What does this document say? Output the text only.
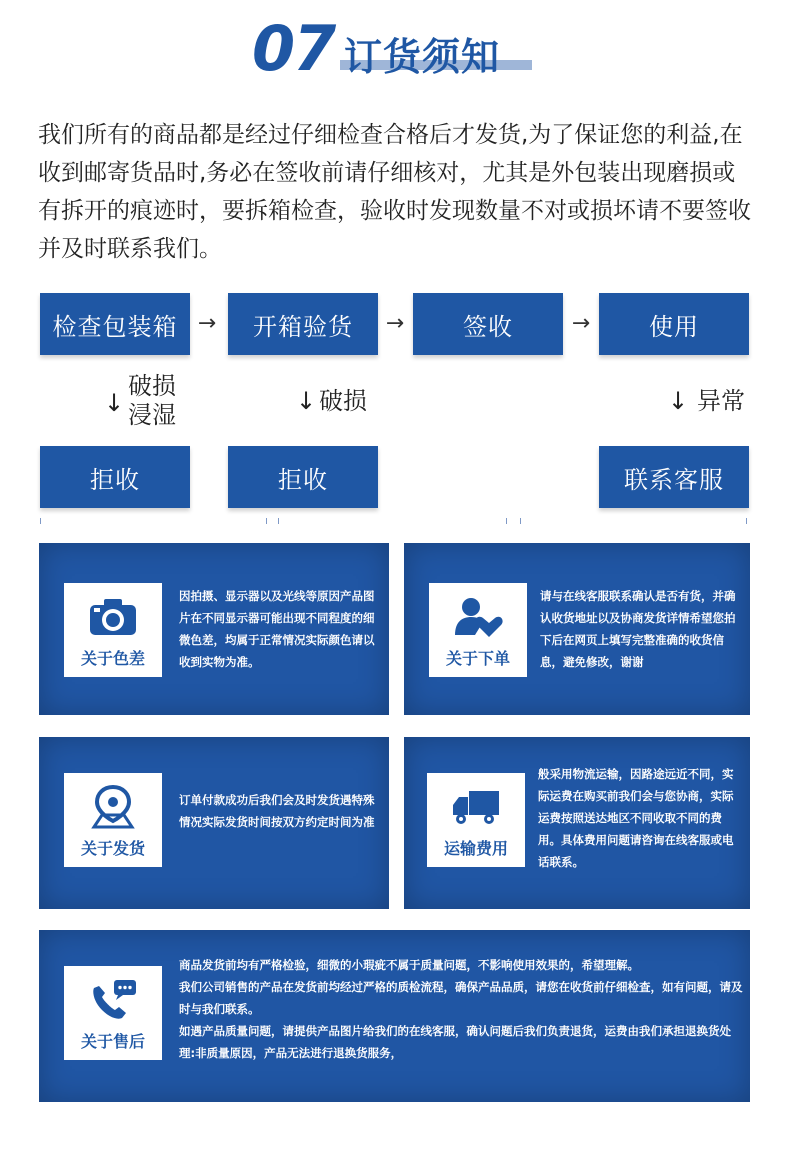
07 订货须知
我们所有的商品都是经过仔细检查合格后才发货,为了保证您的利益,在收到邮寄货品时,务必在签收前请仔细核对，尤其是外包装出现磨损或有拆开的痕迹时，要拆箱检查，验收时发现数量不对或损坏请不要签收并及时联系我们。
检查包装箱 →	开箱验货	→	签收	→	使用
↓
破损
浸湿	↓ 破损	↓ 异常
拒收	拒收	联系客服
关于色差
因拍摄、显示器以及光线等原因产品图片在不同显示器可能出现不同程度的细微色差，均属于正常情况实际颜色请以收到实物为准。	关于下单
请与在线客服联系确认是否有货，并确认收货地址以及协商发货详情希望您拍下后在网页上填写完整准确的收货信息，避免修改，谢谢
关于发货
订单付款成功后我们会及时发货遇特殊情况实际发货时间按双方约定时间为准
运输费用
般采用物流运输，因路途远近不同，实际运费在购买前我们会与您协商，实际运费按照送达地区不同收取不同的费用。具体费用问题请咨询在线客服或电话联系。
关于售后
商品发货前均有严格检验，细微的小瑕疵不属于质量问题，不影响使用效果的，希望理解。
我们公司销售的产品在发货前均经过严格的质检流程，确保产品品质，请您在收货前仔细检查，如有问题，请及时与我们联系。
如遇产品质量问题，请提供产品图片给我们的在线客服，确认问题后我们负责退货，运费由我们承担退换货处理:非质量原因，产品无法进行退换货服务，
